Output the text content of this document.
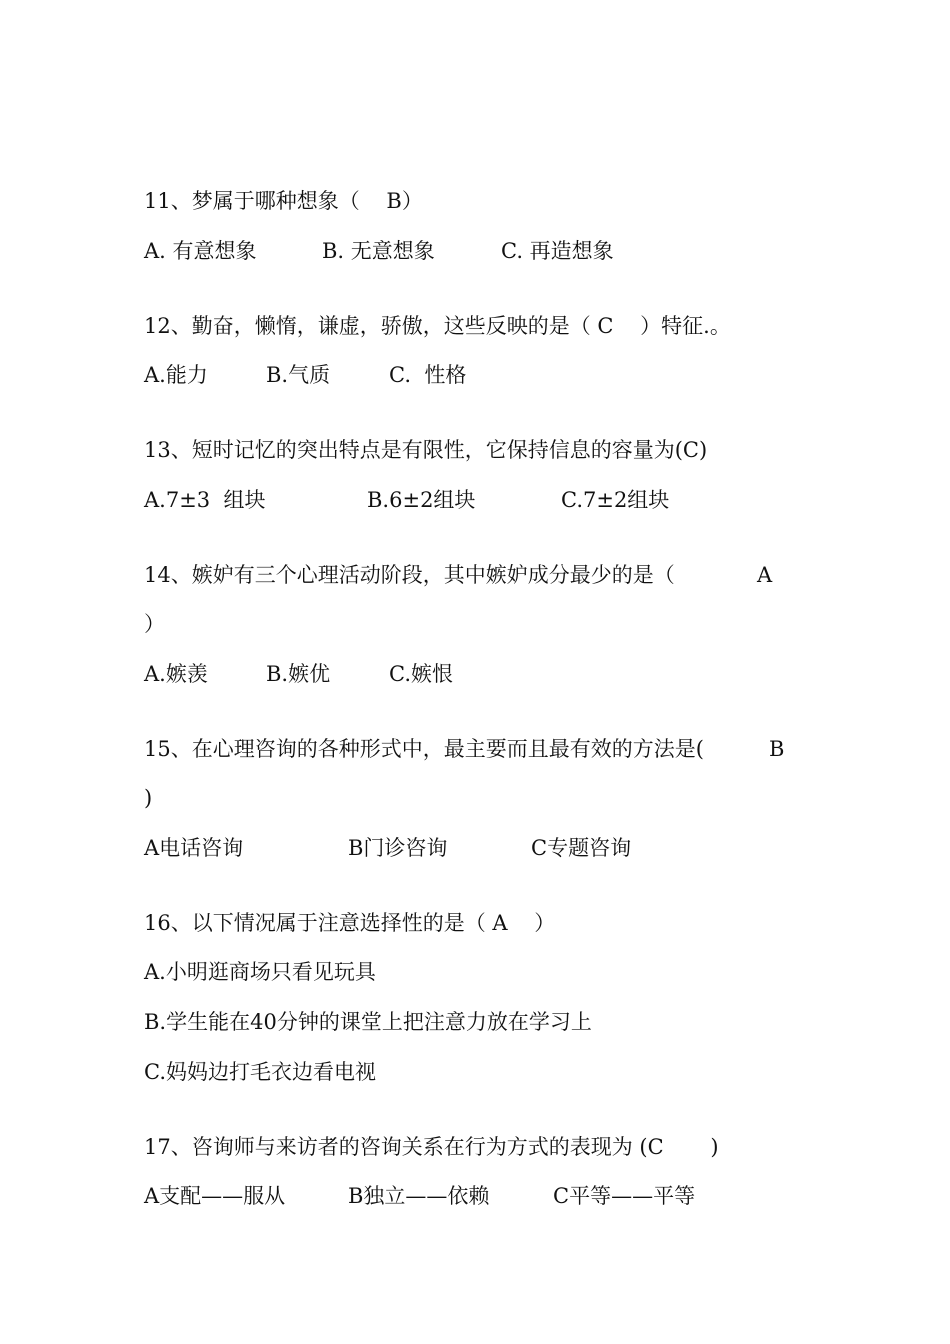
11、梦属于哪种想象（    B）
A. 有意想象	B. 无意想象	C. 再造想象
12、勤奋，懒惰，谦虚，骄傲，这些反映的是（ C    ）特征.。
A.能力	B.气质	C.  性格
13、短时记忆的突出特点是有限性，它保持信息的容量为(C)
A.7±3  组块	B.6±2组块	C.7±2组块
14、嫉妒有三个心理活动阶段，其中嫉妒成分最少的是（	A
）
A.嫉羡	B.嫉优	C.嫉恨
15、在心理咨询的各种形式中，最主要而且最有效的方法是(	B
)
A电话咨询	B门诊咨询	C专题咨询
16、以下情况属于注意选择性的是（ A    ）
A.小明逛商场只看见玩具
B.学生能在40分钟的课堂上把注意力放在学习上
C.妈妈边打毛衣边看电视
17、咨询师与来访者的咨询关系在行为方式的表现为 (C       )
A支配——服从	B独立——依赖	C平等——平等
